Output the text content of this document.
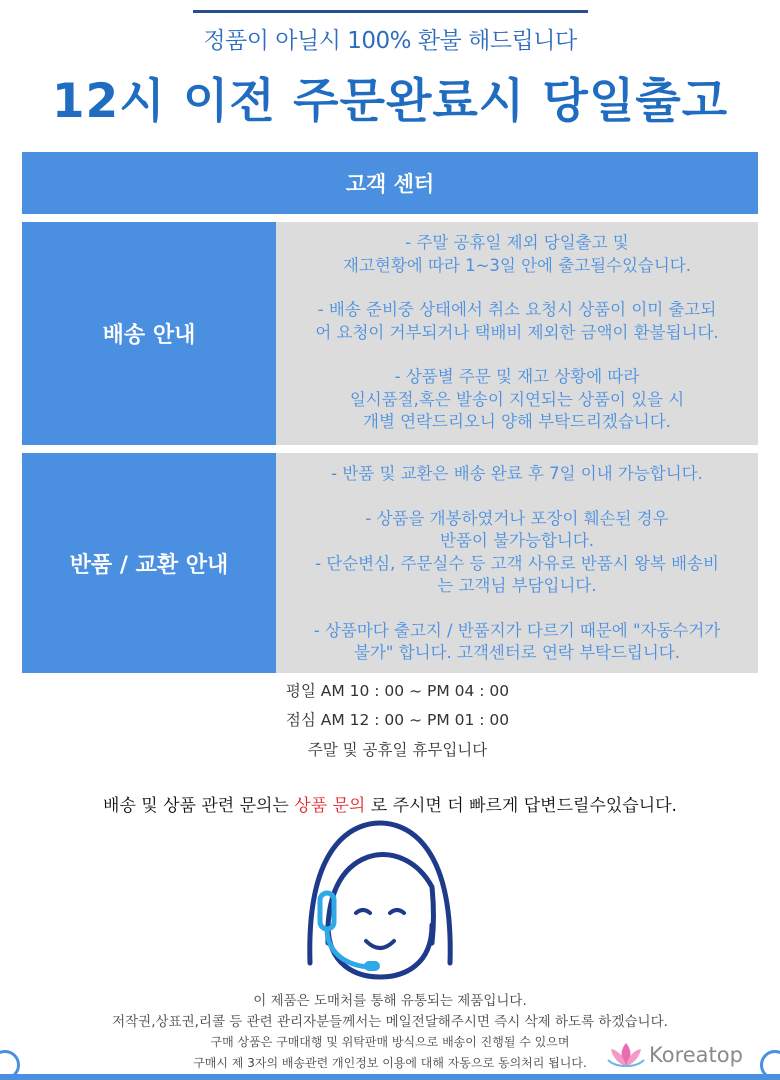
정품이 아닐시 100% 환불 해드립니다
12시 이전 주문완료시 당일출고
고객 센터
배송 안내

- 주말 공휴일 제외 당일출고 및
재고현황에 따라 1~3일 안에 출고될수있습니다.

- 배송 준비중 상태에서 취소 요청시 상품이 이미 출고되
어 요청이 거부되거나 택배비 제외한 금액이 환불됩니다.

- 상품별 주문 및 재고 상황에 따라
일시품절,혹은 발송이 지연되는 상품이 있을 시
개별 연락드리오니 양해 부탁드리겠습니다.

반품 / 교환 안내

- 반품 및 교환은 배송 완료 후 7일 이내 가능합니다.

- 상품을 개봉하였거나 포장이 훼손된 경우
반품이 불가능합니다.

- 단순변심, 주문실수 등 고객 사유로 반품시 왕복 배송비
는 고객님 부담입니다.

- 상품마다 출고지 / 반품지가 다르기 때문에 "자동수거가
불가" 합니다. 고객센터로 연락 부탁드립니다.

평일 AM 10 : 00 ~ PM 04 : 00
점심 AM 12 : 00 ~ PM 01 : 00
주말 및 공휴일 휴무입니다
배송 및 상품 관련 문의는 상품 문의 로 주시면 더 빠르게 답변드릴수있습니다.
이 제품은 도매처를 통해 유통되는 제품입니다.
저작권,상표권,리콜 등 관련 관리자분들께서는 메일전달해주시면 즉시 삭제 하도록 하겠습니다.
구매 상품은 구매대행 및 위탁판매 방식으로 배송이 진행될 수 있으며
구매시 제 3자의 배송관련 개인정보 이용에 대해 자동으로 동의처리 됩니다.	Koreatop
